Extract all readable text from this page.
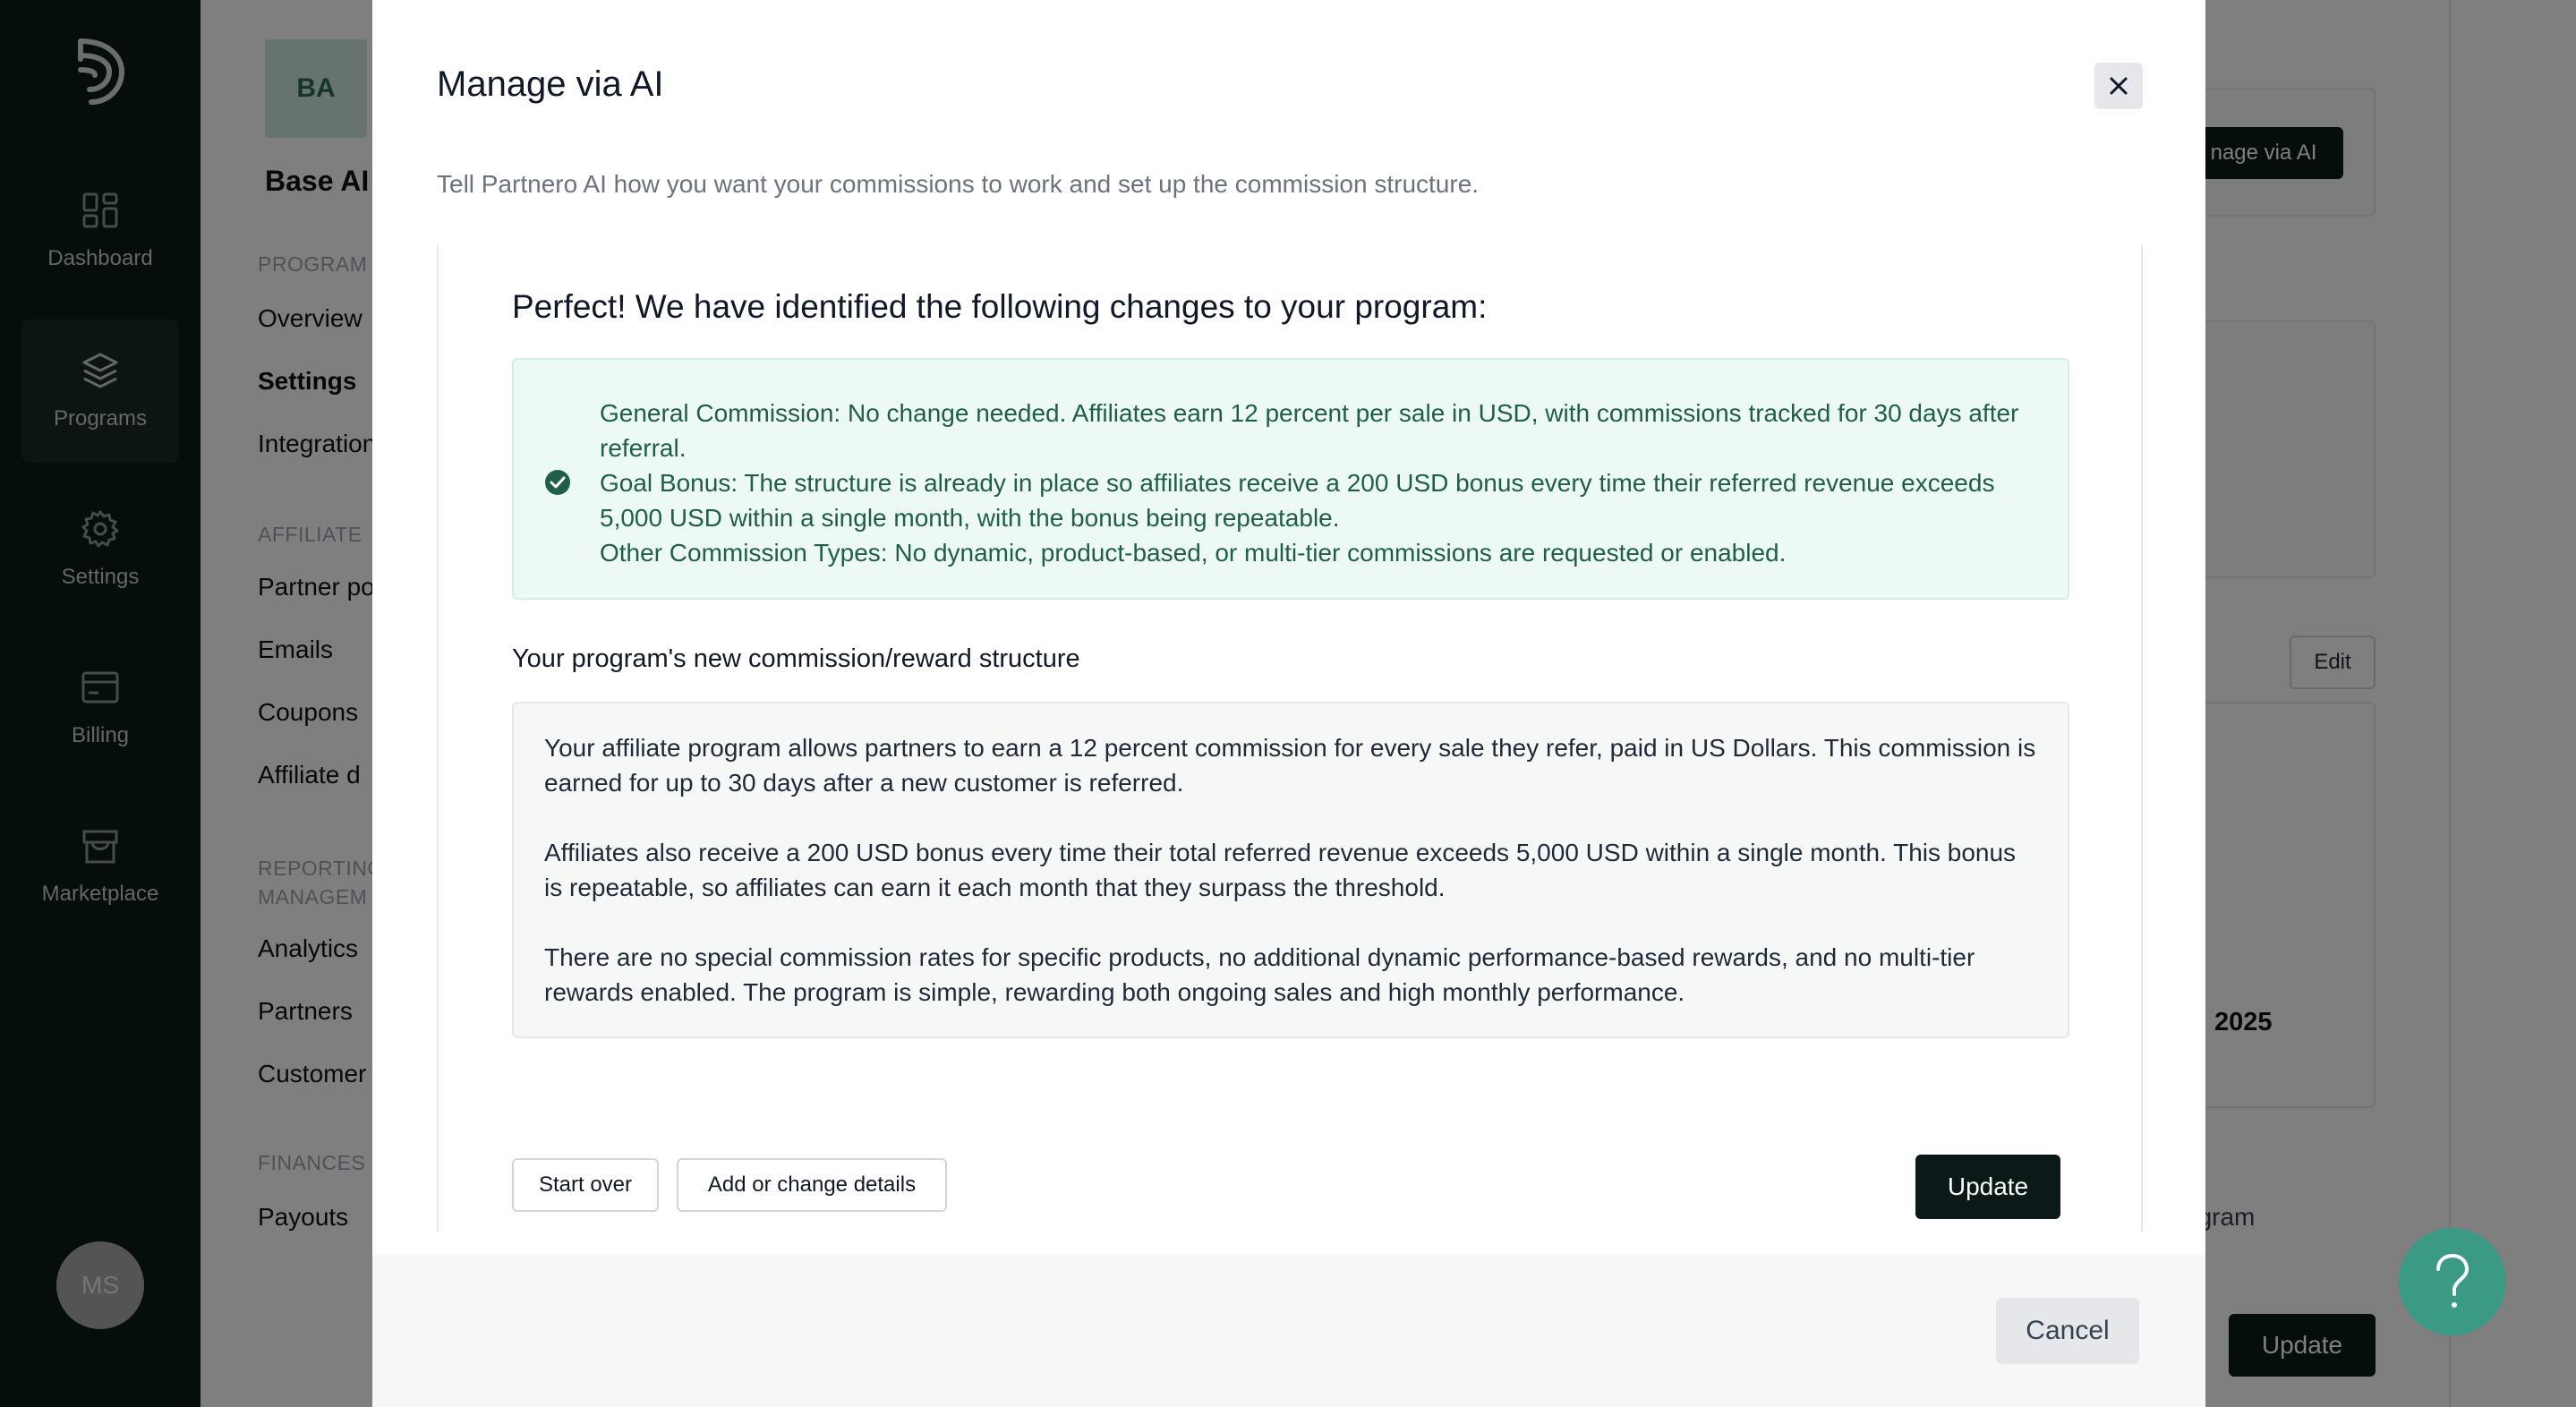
Manage via AI
Tell Partnero AI how you want your commissions to work and set up the commission structure.
Perfect! We have identified the following changes to your program:
General Commission: No change needed. Affiliates earn 12 percent per sale in USD, with commissions tracked for 30 days after referral.
Goal Bonus: The structure is already in place so affiliates receive a 200 USD bonus every time their referred revenue exceeds 5,000 USD within a single month, with the bonus being repeatable.
Other Commission Types: No dynamic, product-based, or multi-tier commissions are requested or enabled.
Your program's new commission/reward structure

Your affiliate program allows partners to earn a 12 percent commission for every sale they refer, paid in US Dollars. This commission is earned for up to 30 days after a new customer is referred.

Affiliates also receive a 200 USD bonus every time their total referred revenue exceeds 5,000 USD within a single month. This bonus is repeatable, so affiliates can earn it each month that they surpass the threshold.

There are no special commission rates for specific products, no additional dynamic performance-based rewards, and no multi-tier rewards enabled. The program is simple, rewarding both ongoing sales and high monthly performance.

Start over	Add or change details	Update
Cancel
